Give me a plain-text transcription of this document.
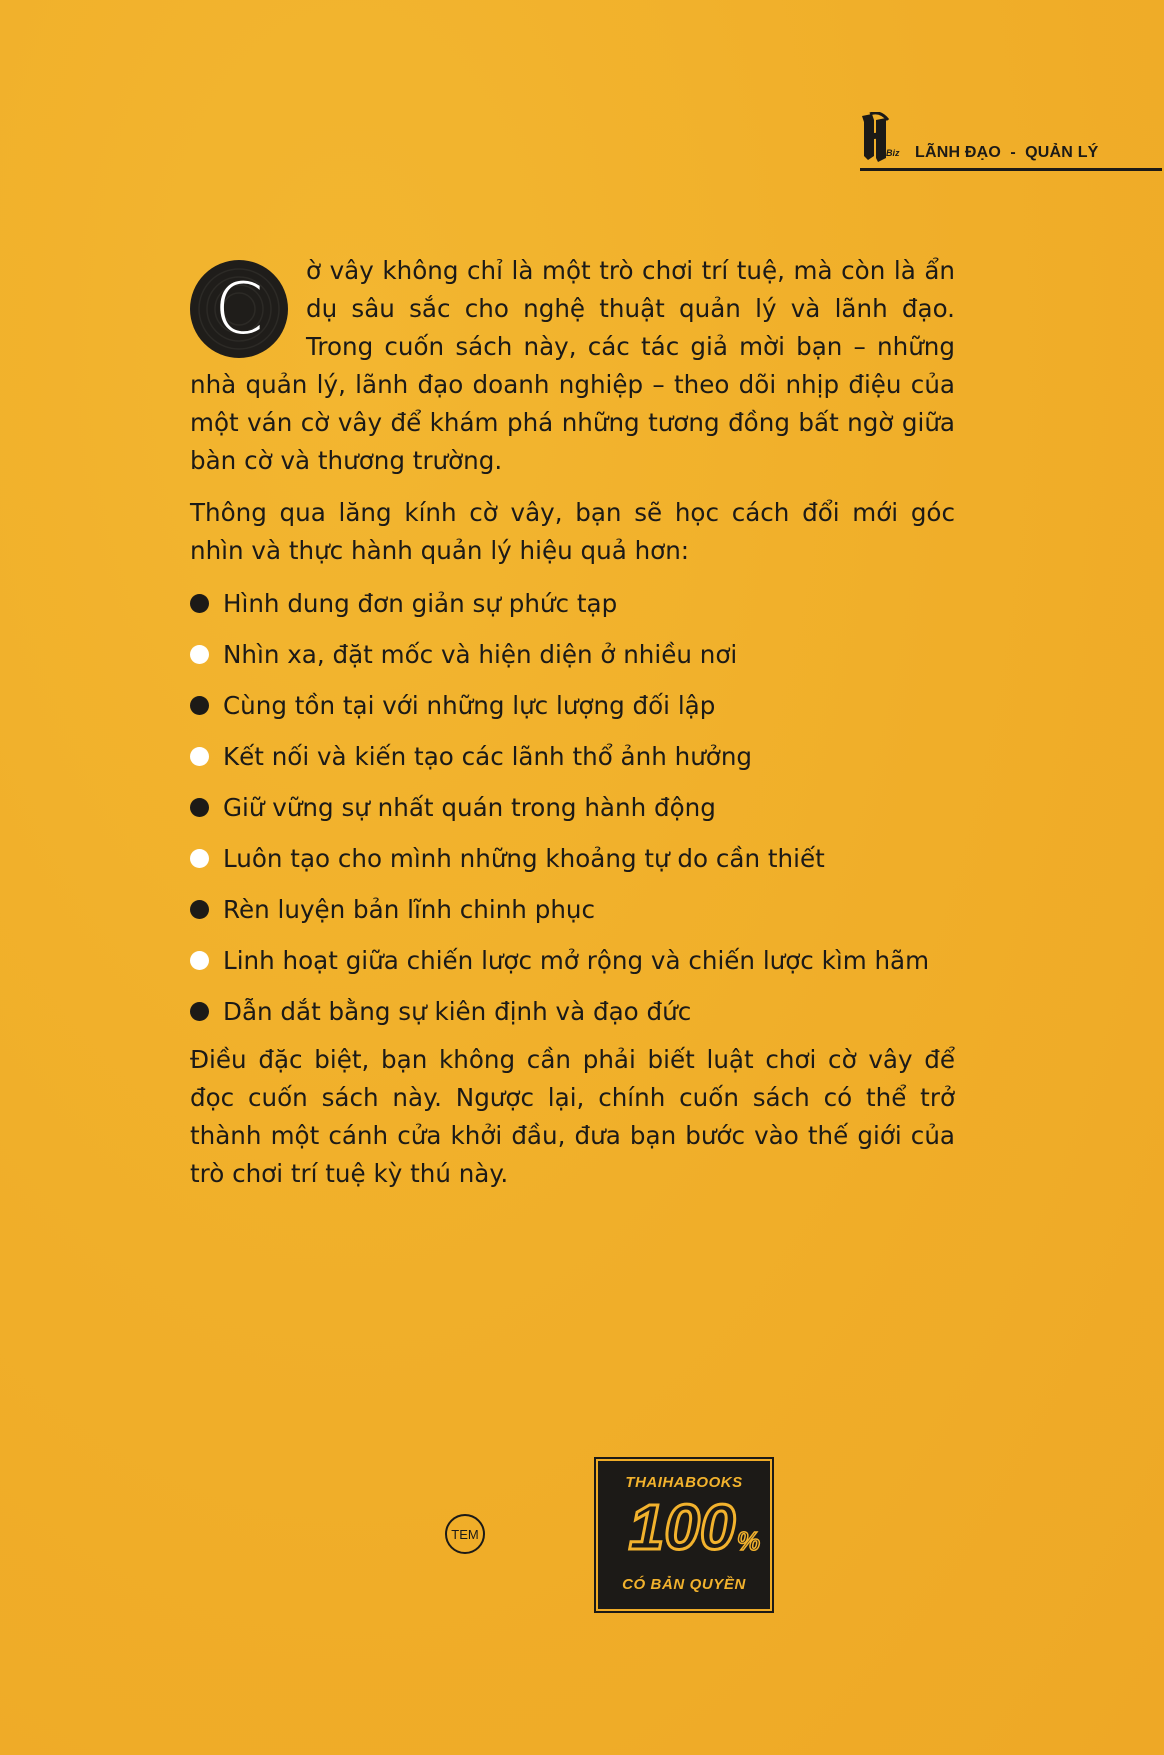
Biz LÃNH ĐẠO  -  QUẢN LÝ

C	ờ vây không chỉ là một trò chơi trí tuệ, mà còn là ẩn dụ sâu sắc cho nghệ thuật quản lý và lãnh đạo. Trong cuốn sách này, các tác giả mời bạn – những nhà quản lý, lãnh đạo doanh nghiệp – theo dõi nhịp điệu của một ván cờ vây để khám phá những tương đồng bất ngờ giữa bàn cờ và thương trường.

Thông qua lăng kính cờ vây, bạn sẽ học cách đổi mới góc nhìn và thực hành quản lý hiệu quả hơn:

Hình dung đơn giản sự phức tạp
Nhìn xa, đặt mốc và hiện diện ở nhiều nơi
Cùng tồn tại với những lực lượng đối lập
Kết nối và kiến tạo các lãnh thổ ảnh hưởng
Giữ vững sự nhất quán trong hành động
Luôn tạo cho mình những khoảng tự do cần thiết
Rèn luyện bản lĩnh chinh phục
Linh hoạt giữa chiến lược mở rộng và chiến lược kìm hãm
Dẫn dắt bằng sự kiên định và đạo đức

Điều đặc biệt, bạn không cần phải biết luật chơi cờ vây để đọc cuốn sách này. Ngược lại, chính cuốn sách có thể trở thành một cánh cửa khởi đầu, đưa bạn bước vào thế giới của trò chơi trí tuệ kỳ thú này.

TEM
THAIHABOOKS
100 %
CÓ BẢN QUYỀN
